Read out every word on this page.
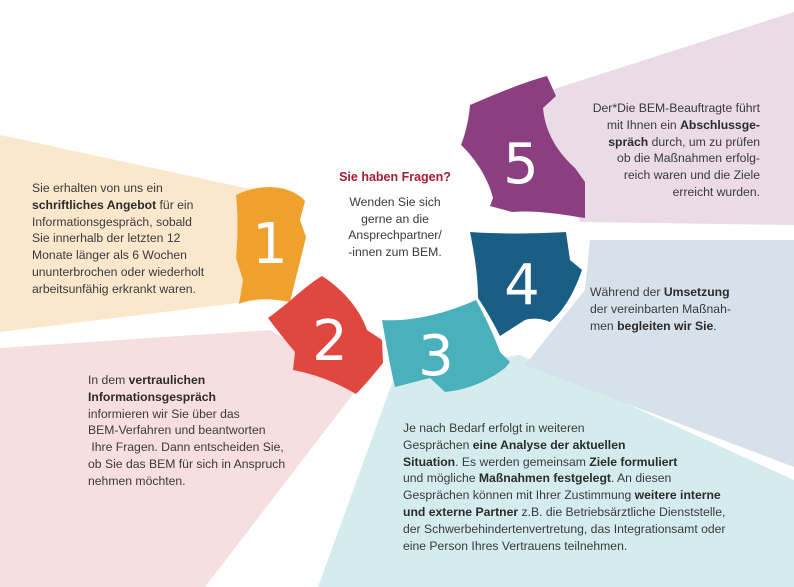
1
2 3
4
5
Sie haben Fragen?
Wenden Sie sich
gerne an die
Ansprechpartner/
-innen zum BEM.
Sie erhalten von uns ein
schriftliches Angebot für ein
Informationsgespräch, sobald
Sie innerhalb der letzten 12
Monate länger als 6 Wochen
ununterbrochen oder wiederholt
arbeitsunfähig erkrankt waren.
In dem vertraulichen
Informationsgespräch
informieren wir Sie über das
BEM-Verfahren und beantworten
Ihre Fragen. Dann entscheiden Sie,
ob Sie das BEM für sich in Anspruch
nehmen möchten.
Je nach Bedarf erfolgt in weiteren
Gesprächen eine Analyse der aktuellen
Situation. Es werden gemeinsam Ziele formuliert
und mögliche Maßnahmen festgelegt. An diesen
Gesprächen können mit Ihrer Zustimmung weitere interne
und externe Partner z.B. die Betriebsärztliche Dienststelle,
der Schwerbehindertenvertretung, das Integrationsamt oder
eine Person Ihres Vertrauens teilnehmen.
Während der Umsetzung
der vereinbarten Maßnah-
men begleiten wir Sie.
Der*Die BEM-Beauftragte führt
mit Ihnen ein Abschlussge-
spräch durch, um zu prüfen
ob die Maßnahmen erfolg-
reich waren und die Ziele
erreicht wurden.
